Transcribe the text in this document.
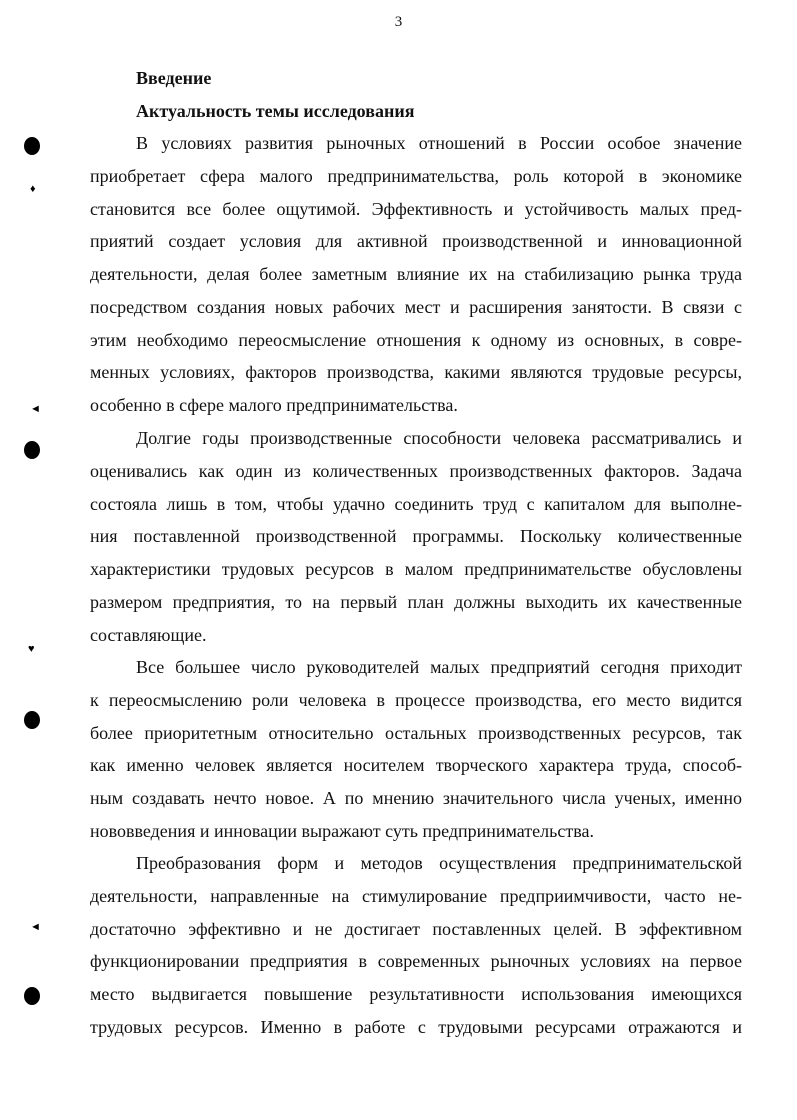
♦
◄
♥
◄
3
Введение
Актуальность темы исследования
В условиях развития рыночных отношений в России особое значение
приобретает сфера малого предпринимательства, роль которой в экономике
становится все более ощутимой. Эффективность и устойчивость малых пред-
приятий создает условия для активной производственной и инновационной
деятельности, делая более заметным влияние их на стабилизацию рынка труда
посредством создания новых рабочих мест и расширения занятости. В связи с
этим необходимо переосмысление отношения к одному из основных, в совре-
менных условиях, факторов производства, какими являются трудовые ресурсы,
особенно в сфере малого предпринимательства.
Долгие годы производственные способности человека рассматривались и
оценивались как один из количественных производственных факторов. Задача
состояла лишь в том, чтобы удачно соединить труд с капиталом для выполне-
ния поставленной производственной программы. Поскольку количественные
характеристики трудовых ресурсов в малом предпринимательстве обусловлены
размером предприятия, то на первый план должны выходить их качественные
составляющие.
Все большее число руководителей малых предприятий сегодня приходит
к переосмыслению роли человека в процессе производства, его место видится
более приоритетным относительно остальных производственных ресурсов, так
как именно человек является носителем творческого характера труда, способ-
ным создавать нечто новое. А по мнению значительного числа ученых, именно
нововведения и инновации выражают суть предпринимательства.
Преобразования форм и методов осуществления предпринимательской
деятельности, направленные на стимулирование предприимчивости, часто не-
достаточно эффективно и не достигает поставленных целей. В эффективном
функционировании предприятия в современных рыночных условиях на первое
место выдвигается повышение результативности использования имеющихся
трудовых ресурсов. Именно в работе с трудовыми ресурсами отражаются и
